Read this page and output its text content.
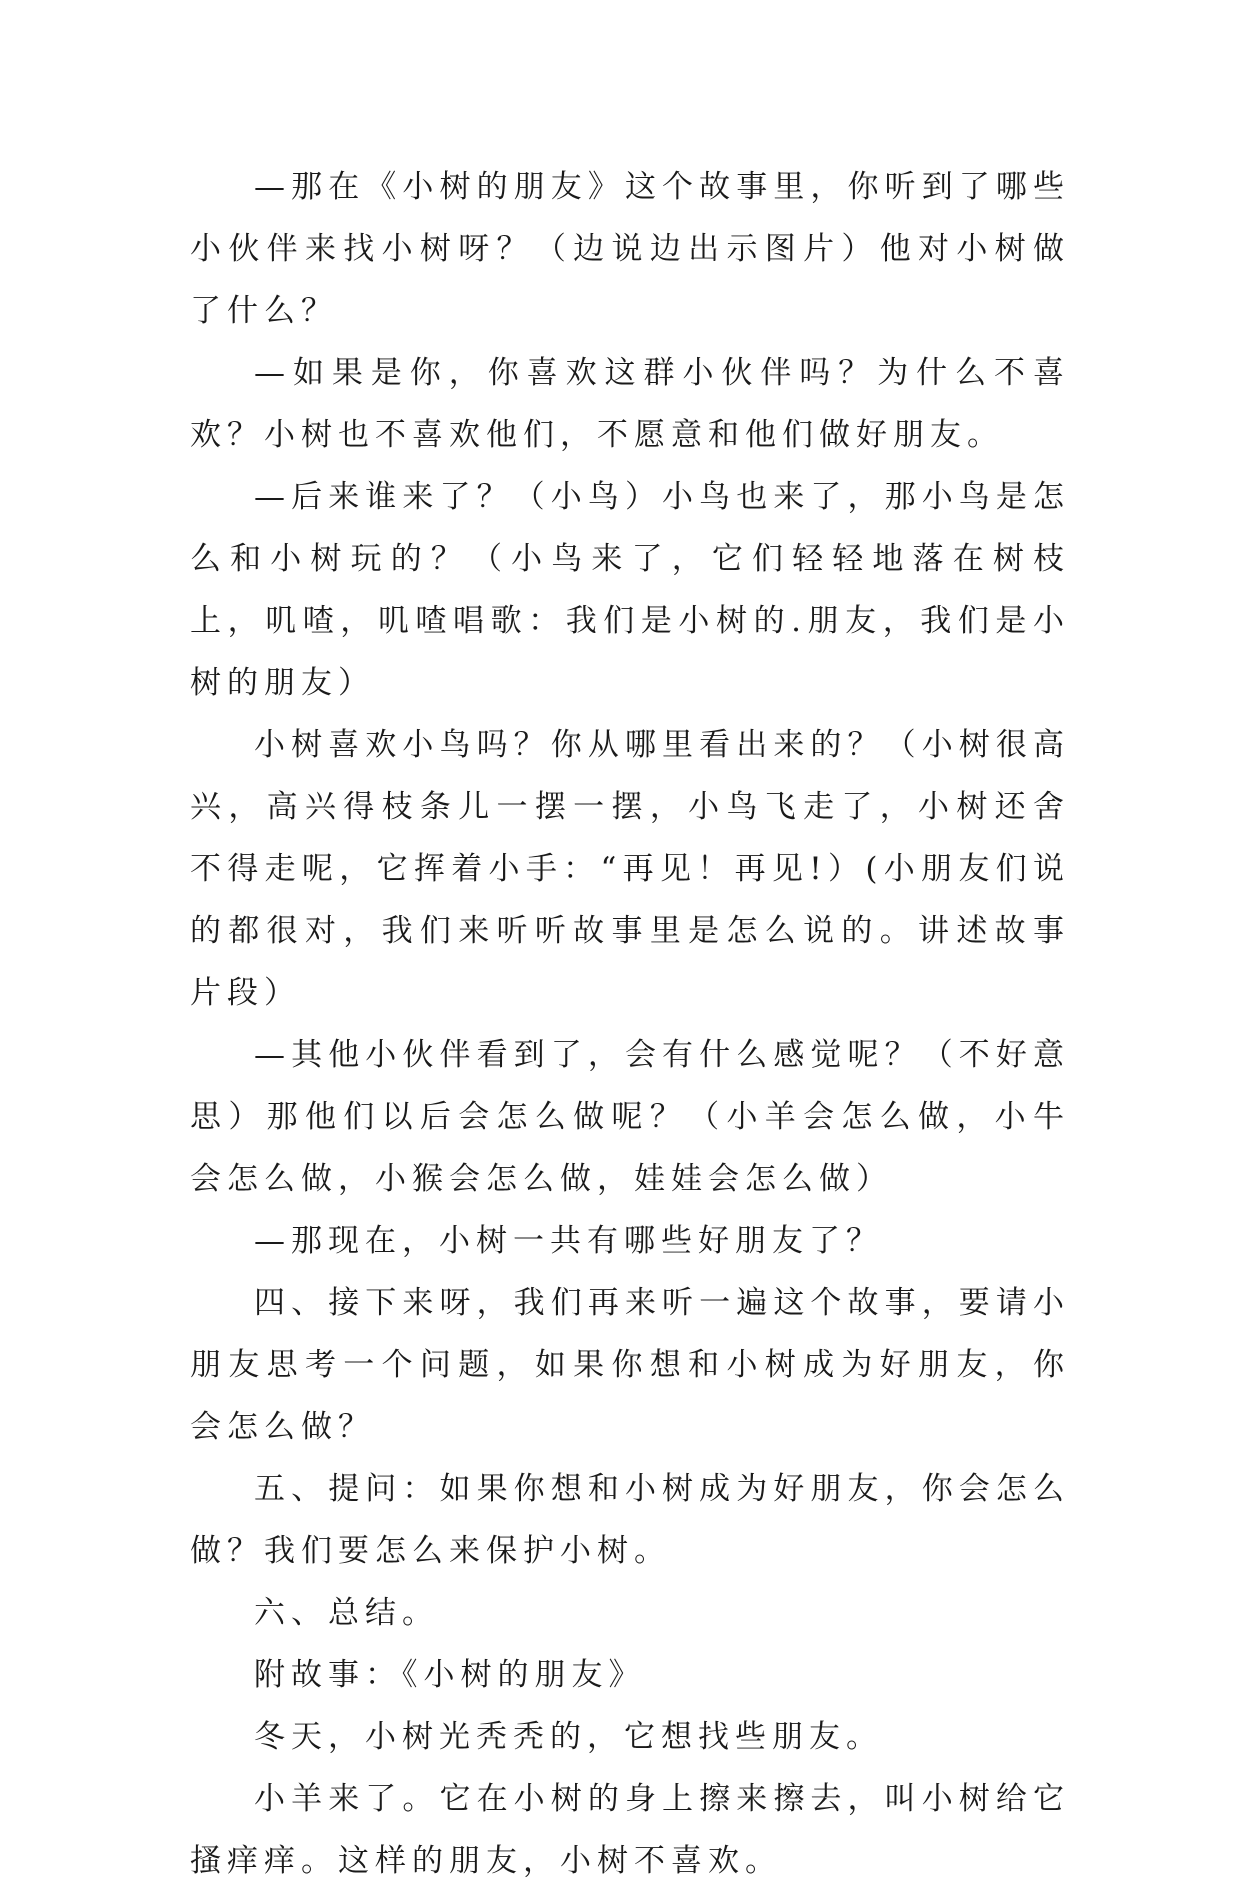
—那在《小树的朋友》这个故事里，你听到了哪些小伙伴来找小树呀？（边说边出示图片）他对小树做了什么？

—如果是你，你喜欢这群小伙伴吗？为什么不喜欢？小树也不喜欢他们，不愿意和他们做好朋友。

—后来谁来了？（小鸟）小鸟也来了，那小鸟是怎么和小树玩的？（小鸟来了，它们轻轻地落在树枝上，叽喳，叽喳唱歌：我们是小树的.朋友，我们是小树的朋友）

小树喜欢小鸟吗？你从哪里看出来的？（小树很高兴，高兴得枝条儿一摆一摆，小鸟飞走了，小树还舍不得走呢，它挥着小手：“再见！再见!）(小朋友们说的都很对，我们来听听故事里是怎么说的。讲述故事片段）

—其他小伙伴看到了，会有什么感觉呢？（不好意思）那他们以后会怎么做呢？（小羊会怎么做，小牛会怎么做，小猴会怎么做，娃娃会怎么做）

—那现在，小树一共有哪些好朋友了？

四、接下来呀，我们再来听一遍这个故事，要请小朋友思考一个问题，如果你想和小树成为好朋友，你会怎么做？

五、提问：如果你想和小树成为好朋友，你会怎么做？我们要怎么来保护小树。

六、总结。

附故事：《小树的朋友》

冬天，小树光秃秃的，它想找些朋友。

小羊来了。它在小树的身上擦来擦去，叫小树给它搔痒痒。这样的朋友，小树不喜欢。
